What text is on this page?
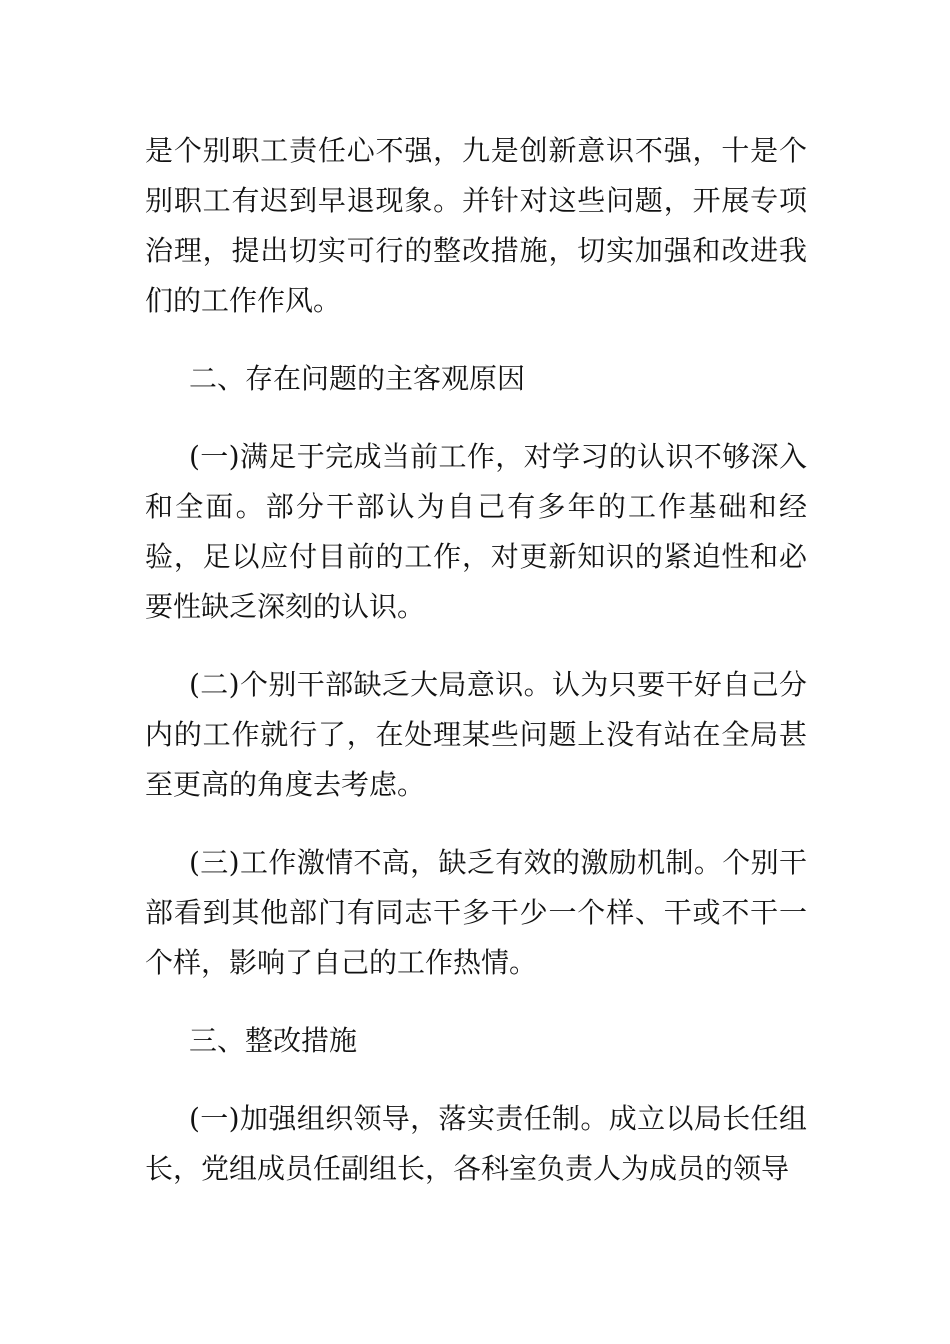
是个别职工责任心不强，九是创新意识不强，十是个别职工有迟到早退现象。并针对这些问题，开展专项治理，提出切实可行的整改措施，切实加强和改进我们的工作作风。

二、存在问题的主客观原因

(一)满足于完成当前工作，对学习的认识不够深入和全面。部分干部认为自己有多年的工作基础和经验，足以应付目前的工作，对更新知识的紧迫性和必要性缺乏深刻的认识。

(二)个别干部缺乏大局意识。认为只要干好自己分内的工作就行了，在处理某些问题上没有站在全局甚至更高的角度去考虑。

(三)工作激情不高，缺乏有效的激励机制。个别干部看到其他部门有同志干多干少一个样、干或不干一个样，影响了自己的工作热情。

三、整改措施

(一)加强组织领导，落实责任制。成立以局长任组长，党组成员任副组长，各科室负责人为成员的领导
